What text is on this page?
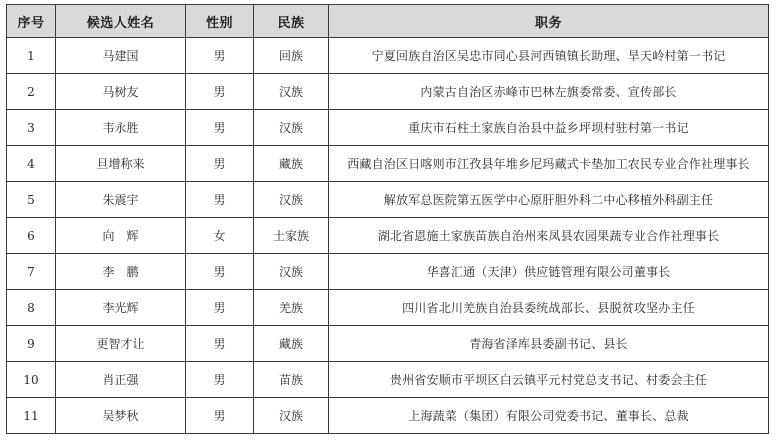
序号	候选人姓名	性别	民族	职务
1	马建国	男	回族	宁夏回族自治区吴忠市同心县河西镇镇长助理、旱天岭村第一书记
2	马树友	男	汉族	内蒙古自治区赤峰市巴林左旗委常委、宣传部长
3	韦永胜	男	汉族	重庆市石柱土家族自治县中益乡坪坝村驻村第一书记
4	旦增称来	男	藏族	西藏自治区日喀则市江孜县年堆乡尼玛藏式卡垫加工农民专业合作社理事长
5	朱震宇	男	汉族	解放军总医院第五医学中心原肝胆外科二中心移植外科副主任
6	向　辉	女	土家族	湖北省恩施土家族苗族自治州来凤县农园果蔬专业合作社理事长
7	李　鹏	男	汉族	华喜汇通（天津）供应链管理有限公司董事长
8	李光辉	男	羌族	四川省北川羌族自治县委统战部长、县脱贫攻坚办主任
9	更智才让	男	藏族	青海省泽库县委副书记、县长
10	肖正强	男	苗族	贵州省安顺市平坝区白云镇平元村党总支书记、村委会主任
11	吴梦秋	男	汉族	上海蔬菜（集团）有限公司党委书记、董事长、总裁
